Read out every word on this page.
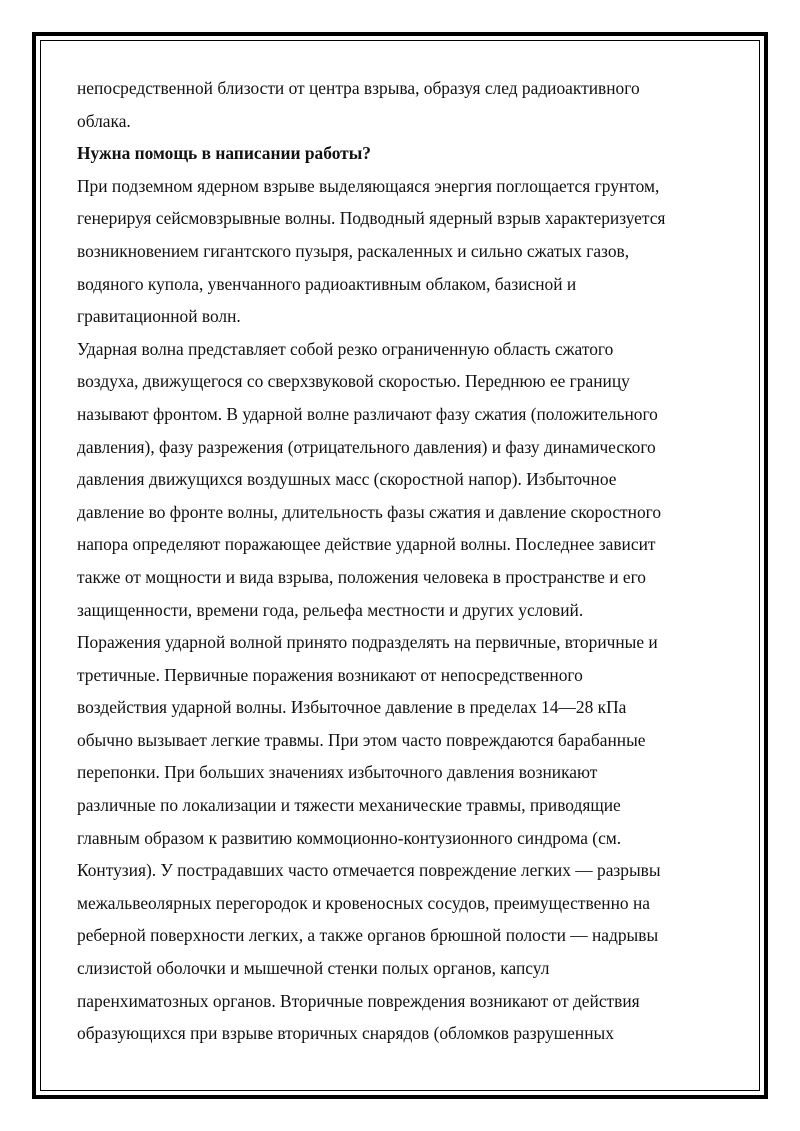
непосредственной близости от центра взрыва, образуя след радиоактивного
облака.
Нужна помощь в написании работы?
При подземном ядерном взрыве выделяющаяся энергия поглощается грунтом,
генерируя сейсмовзрывные волны. Подводный ядерный взрыв характеризуется
возникновением гигантского пузыря, раскаленных и сильно сжатых газов,
водяного купола, увенчанного радиоактивным облаком, базисной и
гравитационной волн.
Ударная волна представляет собой резко ограниченную область сжатого
воздуха, движущегося со сверхзвуковой скоростью. Переднюю ее границу
называют фронтом. В ударной волне различают фазу сжатия (положительного
давления), фазу разрежения (отрицательного давления) и фазу динамического
давления движущихся воздушных масс (скоростной напор). Избыточное
давление во фронте волны, длительность фазы сжатия и давление скоростного
напора определяют поражающее действие ударной волны. Последнее зависит
также от мощности и вида взрыва, положения человека в пространстве и его
защищенности, времени года, рельефа местности и других условий.
Поражения ударной волной принято подразделять на первичные, вторичные и
третичные. Первичные поражения возникают от непосредственного
воздействия ударной волны. Избыточное давление в пределах 14—28 кПа
обычно вызывает легкие травмы. При этом часто повреждаются барабанные
перепонки. При больших значениях избыточного давления возникают
различные по локализации и тяжести механические травмы, приводящие
главным образом к развитию коммоционно-контузионного синдрома (см.
Контузия). У пострадавших часто отмечается повреждение легких — разрывы
межальвеолярных перегородок и кровеносных сосудов, преимущественно на
реберной поверхности легких, а также органов брюшной полости — надрывы
слизистой оболочки и мышечной стенки полых органов, капсул
паренхиматозных органов. Вторичные повреждения возникают от действия
образующихся при взрыве вторичных снарядов (обломков разрушенных
